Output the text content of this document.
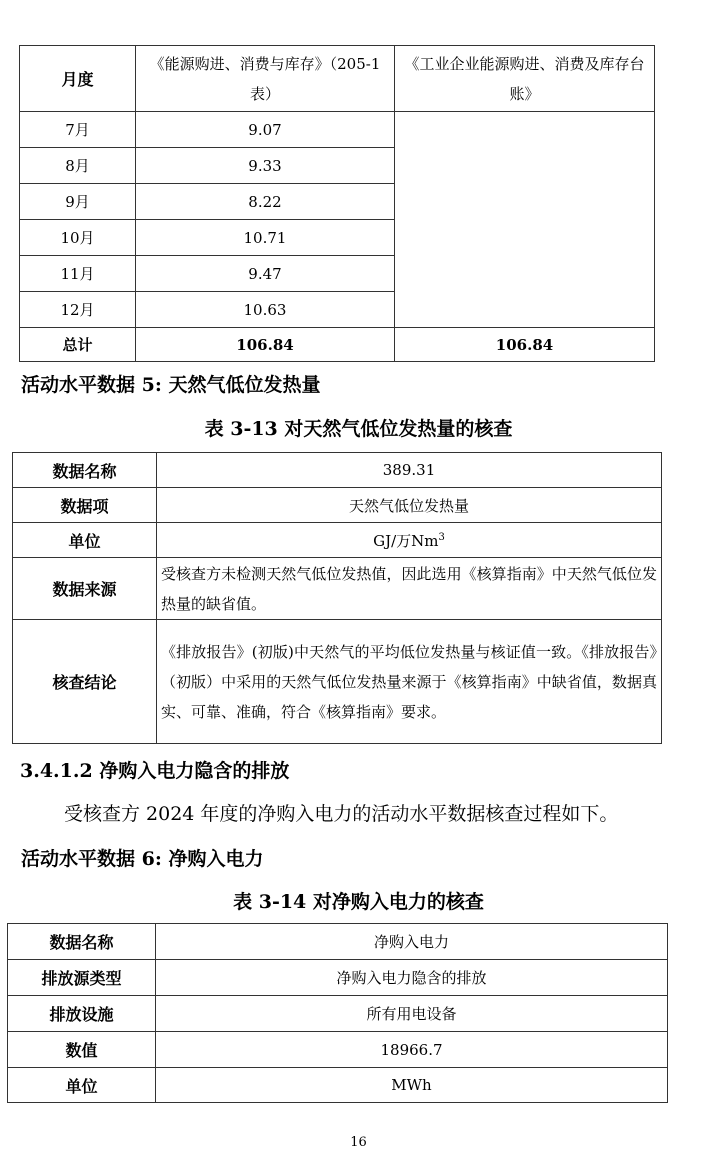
月度	《能源购进、消费与库存》（205-1表）	《工业企业能源购进、消费及库存台账》
7月	9.07	
8月	9.33	
9月	8.22	
10月	10.71	
11月	9.47	
12月	10.63	
总计	106.84	106.84
活动水平数据 5: 天然气低位发热量
表 3-13 对天然气低位发热量的核查
数据名称	389.31
数据项	天然气低位发热量
单位	GJ/万Nm$^3$
数据来源	受核查方未检测天然气低位发热值，因此选用《核算指南》中天然气低位发热量的缺省值。
核查结论	《排放报告》(初版)中天然气的平均低位发热量与核证值一致。《排放报告》（初版）中采用的天然气低位发热量来源于《核算指南》中缺省值，数据真实、可靠、准确，符合《核算指南》要求。
3.4.1.2 净购入电力隐含的排放
受核查方 2024 年度的净购入电力的活动水平数据核查过程如下。
活动水平数据 6: 净购入电力
表 3-14 对净购入电力的核查
数据名称	净购入电力
排放源类型	净购入电力隐含的排放
排放设施	所有用电设备
数值	18966.7
单位	MWh
16
